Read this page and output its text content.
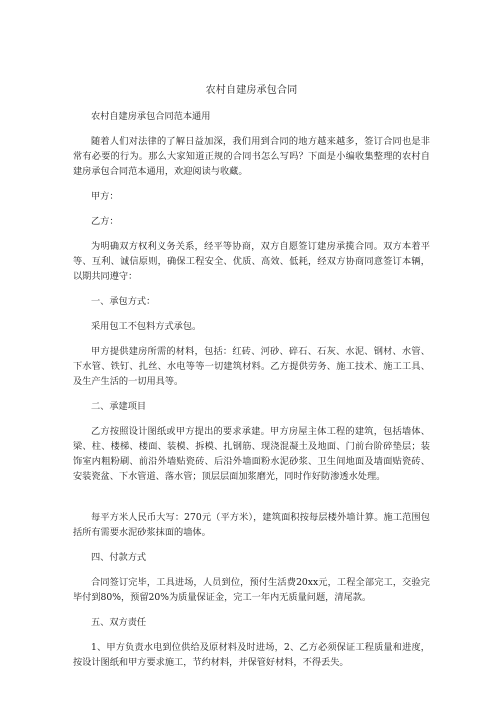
农村自建房承包合同

农村自建房承包合同范本通用

随着人们对法律的了解日益加深，我们用到合同的地方越来越多，签订合同也是非常有必要的行为。那么大家知道正规的合同书怎么写吗？下面是小编收集整理的农村自建房承包合同范本通用，欢迎阅读与收藏。

甲方：

乙方：

为明确双方权利义务关系，经平等协商，双方自愿签订建房承揽合同。双方本着平等、互利、诚信原则，确保工程安全、优质、高效、低耗，经双方协商同意签订本辆，以期共同遵守：

一、承包方式：

采用包工不包料方式承包。

甲方提供建房所需的材料，包括：红砖、河砂、碎石、石灰、水泥、钢材、水管、下水管、铁钉、扎丝、水电等等一切建筑材料。乙方提供劳务、施工技术、施工工具、及生产生活的一切用具等。

二、承建项目

乙方按照设计图纸或甲方提出的要求承建。甲方房屋主体工程的建筑，包括墙体、梁、柱、楼梯、楼面、装模、拆模、扎钢筋、现浇混凝土及地面、门前台阶碎垫层；装饰室内粗粉刷、前沿外墙贴瓷砖、后沿外墙面粉水泥砂浆、卫生间地面及墙面贴瓷砖、安装瓷盆、下水管道、落水管；顶层层面加浆磨光，同时作好防渗透水处理。

每平方米人民币大写：270元（平方米），建筑面积按每层楼外墙计算。施工范围包括所有需要水泥砂浆抹面的墙体。

四、付款方式

合同签订完毕，工具进场，人员到位，预付生活费20xx元，工程全部完工，交验完毕付到80%，预留20%为质量保证金，完工一年内无质量问题，清尾款。

五、双方责任

1、甲方负责水电到位供给及原材料及时进场，2、乙方必须保证工程质量和进度，按设计图纸和甲方要求施工，节约材料，并保管好材料，不得丢失。
